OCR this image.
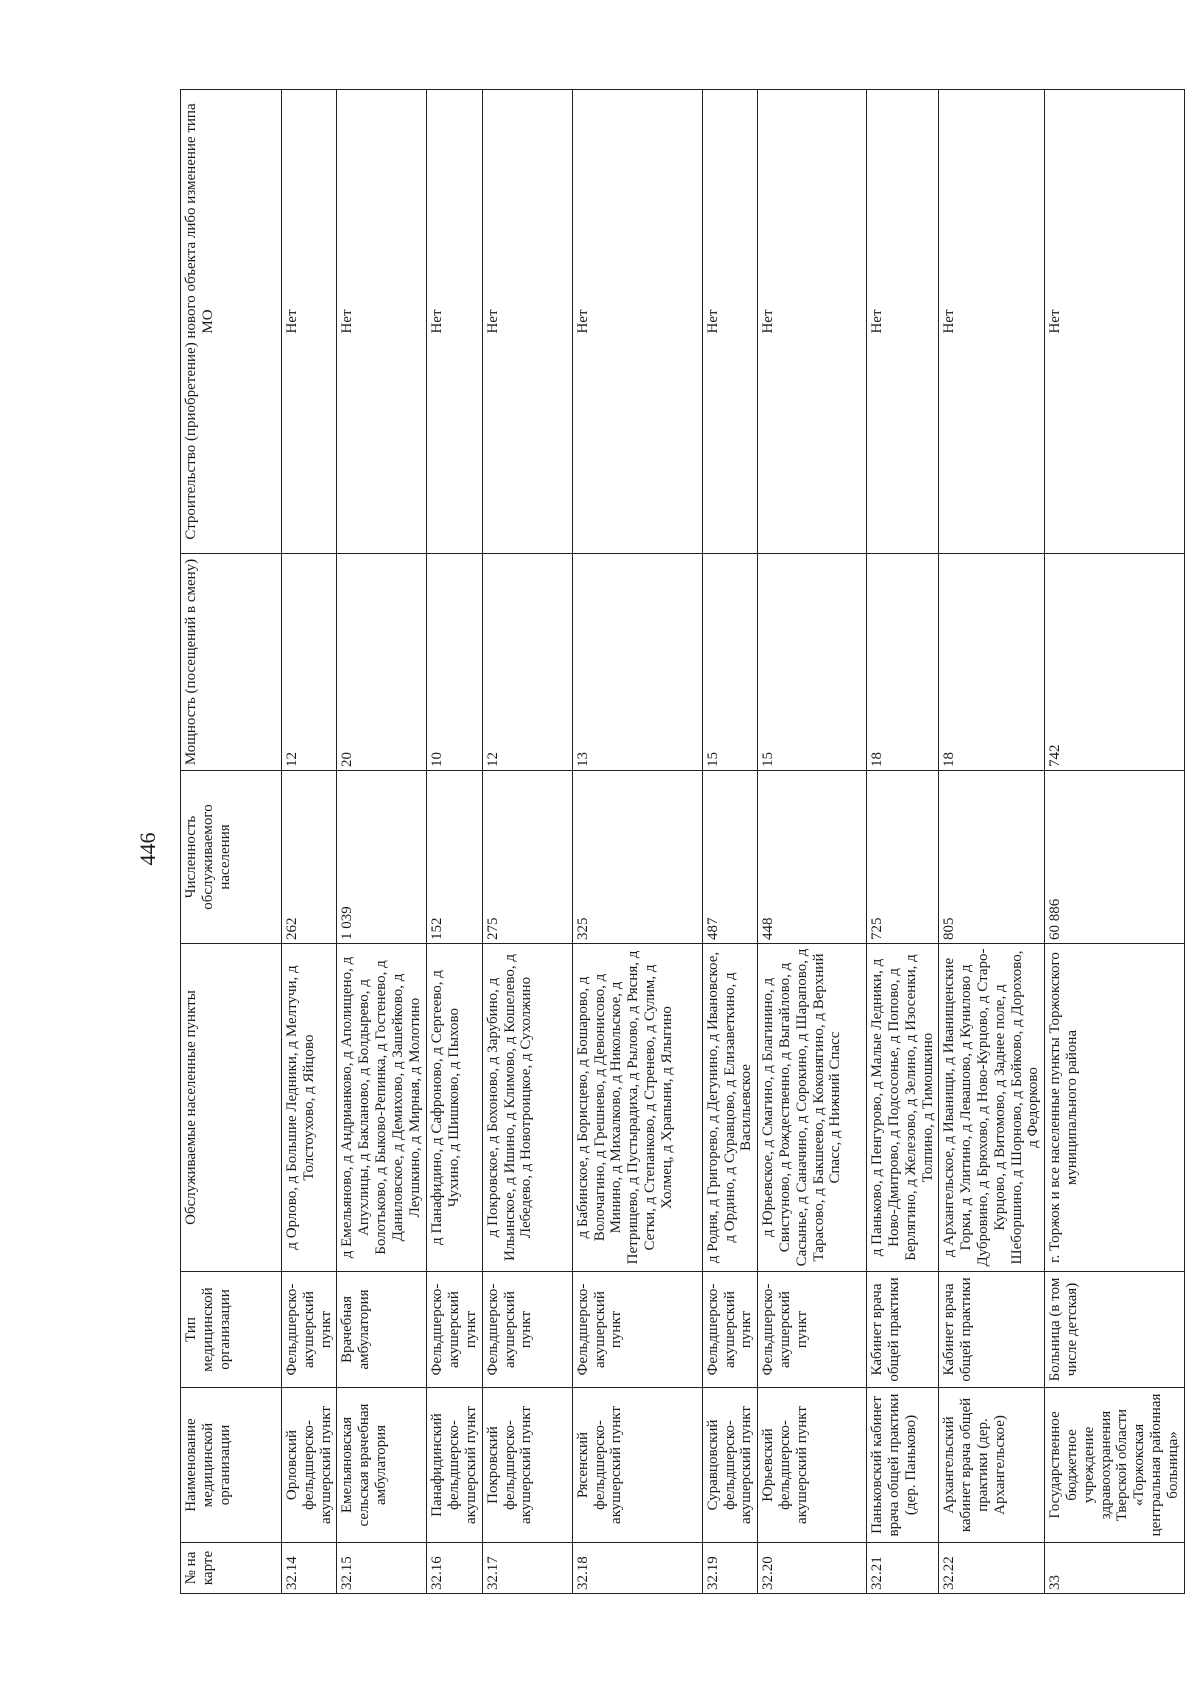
446
№ на карте	Наименование медицинской организации	Тип медицинской организации	Обслуживаемые населенные пункты	Численность обслуживаемого населения	Мощность (посещений в смену)	Строительство (приобретение) нового объекта либо изменение типа МО
32.14	Орловский фельдшерско-акушерский пункт	Фельдшерско-акушерский пункт	д Орлово, д Большие Ледники, д Мелтучи, д Толстоухово, д Яйцово	262	12	Нет
32.15	Емельяновская сельская врачебная амбулатория	Врачебная амбулатория	д Емельяново, д Андрианково, д Аполищено, д Апухлицы, д Бакланово, д Болдырево, д Болотьково, д Быково-Репинка, д Гостенево, д Даниловское, д Демихово, д Зашейково, д Леушкино, д Мирная, д Молотино	1 039	20	Нет
32.16	Панафидинский фельдшерско-акушерский пункт	Фельдшерско-акушерский пункт	д Панафидино, д Сафроново, д Сергеево, д Чухино, д Шишково, д Пыхово	152	10	Нет
32.17	Покровский фельдшерско-акушерский пункт	Фельдшерско-акушерский пункт	д Покровское, д Бохоново, д Зарубино, д Ильинское, д Ишино, д Климово, д Кошелево, д Лебедево, д Новотроицкое, д Сухолжино	275	12	Нет
32.18	Рясенский фельдшерско-акушерский пункт	Фельдшерско-акушерский пункт	д Бабинское, д Борисцево, д Бошарово, д Волочагино, д Грешнево, д Девонисово, д Минино, д Михалково, д Никольское, д Петрищево, д Пустырадиха, д Рылово, д Рясня, д Сетки, д Степанково, д Стренево, д Сулим, д Холмец, д Храпыни, д Ялыгино	325	13	Нет
32.19	Суравцовский фельдшерско-акушерский пункт	Фельдшерско-акушерский пункт	д Родня, д Григорево, д Дегунино, д Ивановское, д Ордино, д Суравцово, д Елизаветкино, д Васильевское	487	15	Нет
32.20	Юрьевский фельдшерско-акушерский пункт	Фельдшерско-акушерский пункт	д Юрьевское, д Смагино, д Благинино, д Свистуново, д Рождественно, д Выгайлово, д Сасынье, д Саначино, д Сорокино, д Шарапово, д Тарасово, д Бакшеево, д Коконягино, д Верхний Спасс, д Нижний Спасс	448	15	Нет
32.21	Паньковский кабинет врача общей практики (дер. Паньково)	Кабинет врача общей практики	д Паньково, д Пенгурово, д Малые Ледники, д Ново-Дмитрово, д Подсосонье, д Попово, д Берлягино, д Железово, д Зелино, д Изосенки, д Толпино, д Тимошкино	725	18	Нет
32.22	Архангельский кабинет врача общей практики (дер. Архангельское)	Кабинет врача общей практики	д Архангельское, д Иванищи, д Иванищенские Горки, д Улитино, д Левашово, д Кунилово д Дубровино, д Брюхово, д Ново-Курцово, д Старо-Курцово, д Витомово, д Заднее поле, д Шеборшино, д Шорново, д Бойково, д Дорохово, д Федорково	805	18	Нет
33	Государственное бюджетное учреждение здравоохранения Тверской области «Торжокская центральная районная больница»	Больница (в том числе детская)	г. Торжок и все населенные пункты Торжокского муниципального района	60 886	742	Нет
